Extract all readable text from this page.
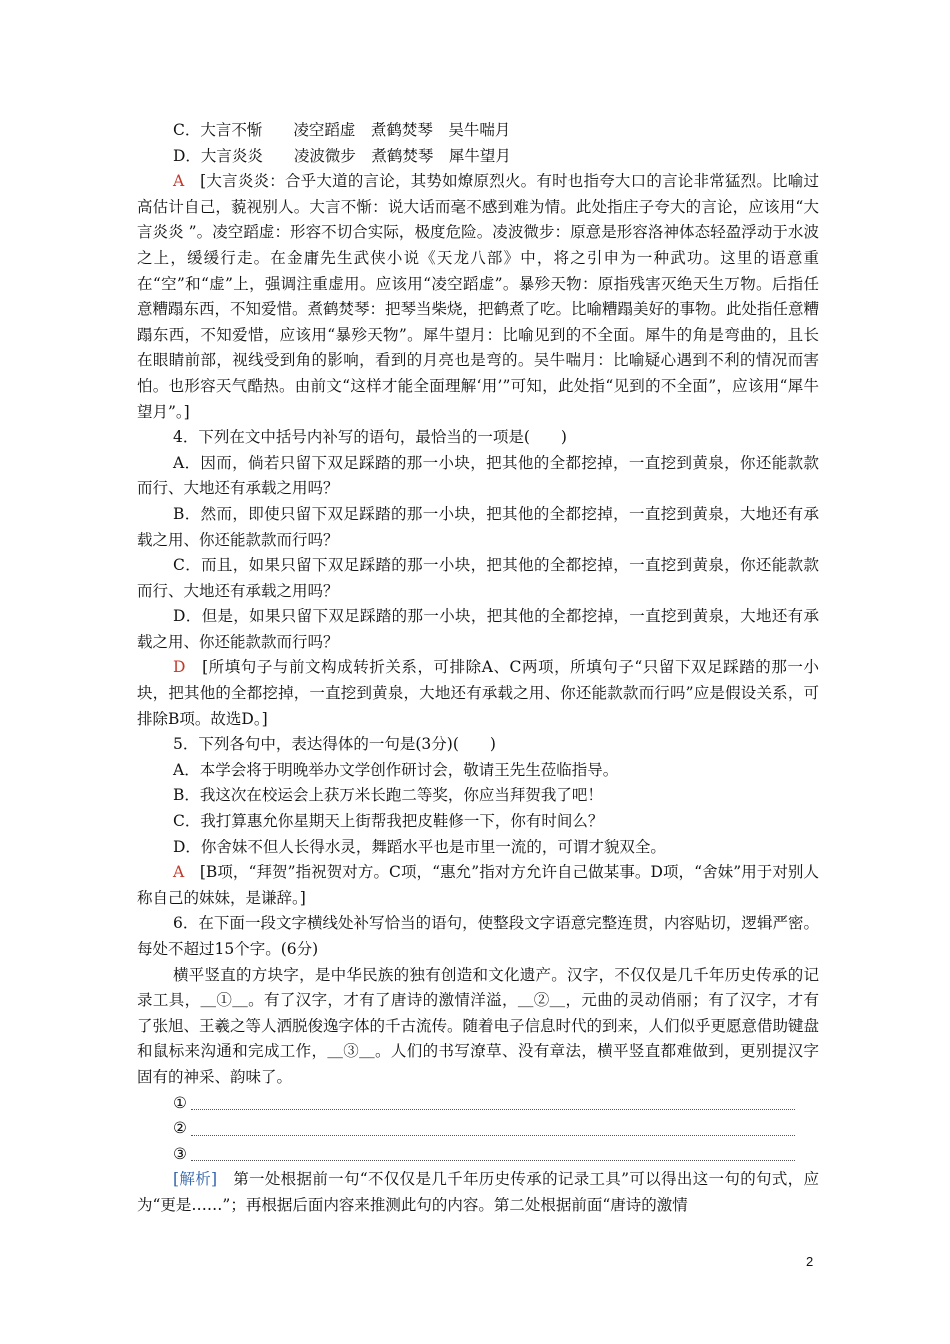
C．大言不惭　　凌空蹈虚　煮鹤焚琴　吴牛喘月

D．大言炎炎　　凌波微步　煮鹤焚琴　犀牛望月

A　 [大言炎炎：合乎大道的言论，其势如燎原烈火。有时也指夸大口的言论非常猛烈。比喻过高估计自己，藐视别人。大言不惭：说大话而毫不感到难为情。此处指庄子夸大的言论，应该用“大言炎炎 ”。凌空蹈虚：形容不切合实际，极度危险。凌波微步：原意是形容洛神体态轻盈浮动于水波之上，缓缓行走。在金庸先生武侠小说《天龙八部》中，将之引申为一种武功。这里的语意重在“空”和“虚”上，强调注重虚用。应该用“凌空蹈虚”。暴殄天物：原指残害灭绝天生万物。后指任意糟蹋东西，不知爱惜。煮鹤焚琴：把琴当柴烧，把鹤煮了吃。比喻糟蹋美好的事物。此处指任意糟蹋东西，不知爱惜，应该用“暴殄天物”。犀牛望月：比喻见到的不全面。犀牛的角是弯曲的，且长在眼睛前部，视线受到角的影响，看到的月亮也是弯的。吴牛喘月：比喻疑心遇到不利的情况而害怕。也形容天气酷热。由前文“这样才能全面理解‘用’”可知，此处指“见到的不全面”，应该用“犀牛望月”。]

4．下列在文中括号内补写的语句，最恰当的一项是(　　)

A．因而，倘若只留下双足踩踏的那一小块，把其他的全都挖掉，一直挖到黄泉，你还能款款而行、大地还有承载之用吗？

B．然而，即使只留下双足踩踏的那一小块，把其他的全都挖掉，一直挖到黄泉，大地还有承载之用、你还能款款而行吗？

C．而且，如果只留下双足踩踏的那一小块，把其他的全都挖掉，一直挖到黄泉，你还能款款而行、大地还有承载之用吗？

D．但是，如果只留下双足踩踏的那一小块，把其他的全都挖掉，一直挖到黄泉，大地还有承载之用、你还能款款而行吗？

D　 [所填句子与前文构成转折关系，可排除A、C两项，所填句子“只留下双足踩踏的那一小块，把其他的全都挖掉，一直挖到黄泉，大地还有承载之用、你还能款款而行吗”应是假设关系，可排除B项。故选D。]

5．下列各句中，表达得体的一句是(3分)(　　)

A．本学会将于明晚举办文学创作研讨会，敬请王先生莅临指导。

B．我这次在校运会上获万米长跑二等奖，你应当拜贺我了吧！

C．我打算惠允你星期天上街帮我把皮鞋修一下，你有时间么？

D．你舍妹不但人长得水灵，舞蹈水平也是市里一流的，可谓才貌双全。

A　 [B项，“拜贺”指祝贺对方。C项，“惠允”指对方允许自己做某事。D项，“舍妹”用于对别人称自己的妹妹，是谦辞。]

6．在下面一段文字横线处补写恰当的语句，使整段文字语意完整连贯，内容贴切，逻辑严密。每处不超过15个字。(6分)

横平竖直的方块字，是中华民族的独有创造和文化遗产。汉字，不仅仅是几千年历史传承的记录工具，＿①＿。有了汉字，才有了唐诗的激情洋溢，＿②＿，元曲的灵动俏丽；有了汉字，才有了张旭、王羲之等人洒脱俊逸字体的千古流传。随着电子信息时代的到来，人们似乎更愿意借助键盘和鼠标来沟通和完成工作，＿③＿。人们的书写潦草、没有章法，横平竖直都难做到，更别提汉字固有的神采、韵味了。

①
②
③

[解析]　第一处根据前一句“不仅仅是几千年历史传承的记录工具”可以得出这一句的句式，应为“更是……”；再根据后面内容来推测此句的内容。第二处根据前面“唐诗的激情

2
